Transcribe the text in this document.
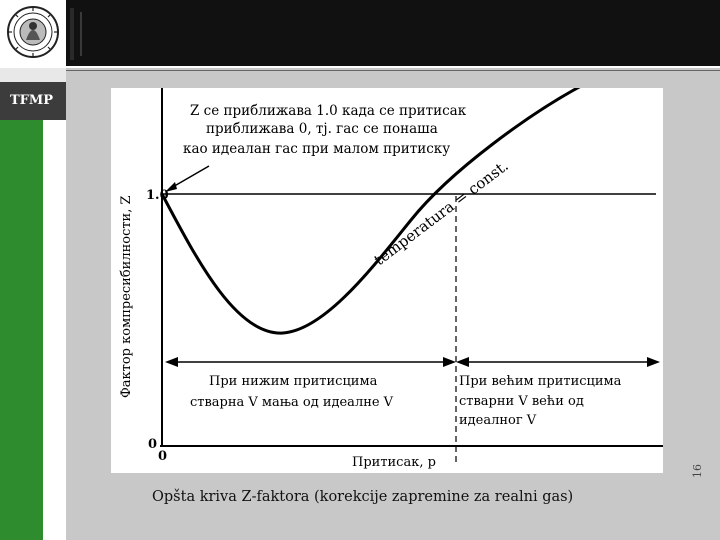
TFMP
Z се приближава 1.0 када се притисак
приближава 0, тј. гас се понаша
као идеалан гас при малом притиску
temperatura = const.
Фактор компресибилности, Z 1.0
0
0	Притисак, p
При нижим притисцима
стварна V мања од идеалне V
При већим притисцима
стварни V већи од
идеалног V
Opšta kriva Z-faktora (korekcije zapremine za realni gas)
16
